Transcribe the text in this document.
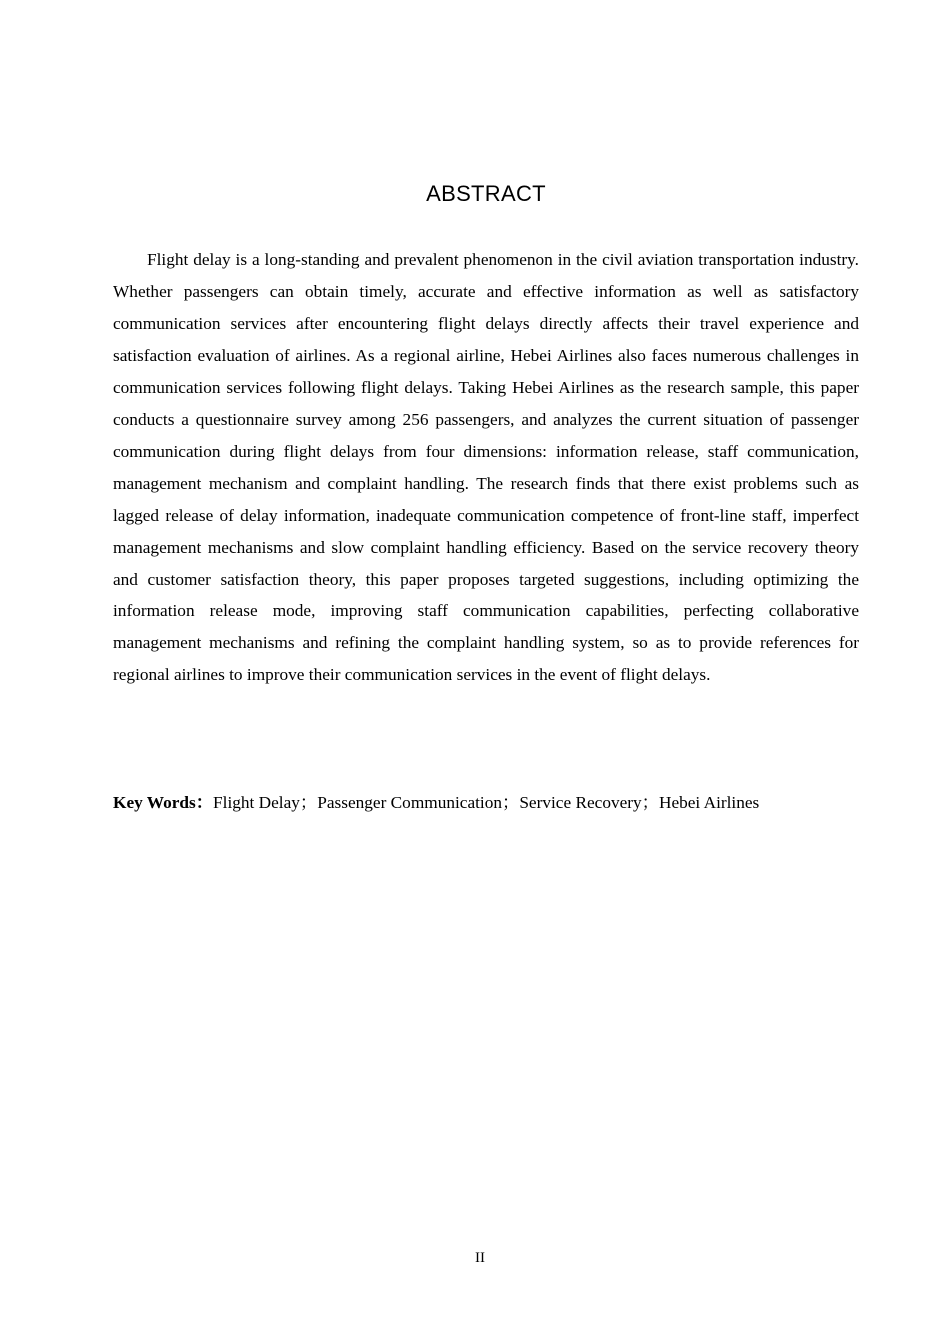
ABSTRACT

Flight delay is a long-standing and prevalent phenomenon in the civil aviation transportation industry. Whether passengers can obtain timely, accurate and effective information as well as satisfactory communication services after encountering flight delays directly affects their travel experience and satisfaction evaluation of airlines. As a regional airline, Hebei Airlines also faces numerous challenges in communication services following flight delays. Taking Hebei Airlines as the research sample, this paper conducts a questionnaire survey among 256 passengers, and analyzes the current situation of passenger communication during flight delays from four dimensions: information release, staff communication, management mechanism and complaint handling. The research finds that there exist problems such as lagged release of delay information, inadequate communication competence of front-line staff, imperfect management mechanisms and slow complaint handling efficiency. Based on the service recovery theory and customer satisfaction theory, this paper proposes targeted suggestions, including optimizing the information release mode, improving staff communication capabilities, perfecting collaborative management mechanisms and refining the complaint handling system, so as to provide references for regional airlines to improve their communication services in the event of flight delays.

Key Words：Flight Delay；Passenger Communication；Service Recovery；Hebei Airlines

II
